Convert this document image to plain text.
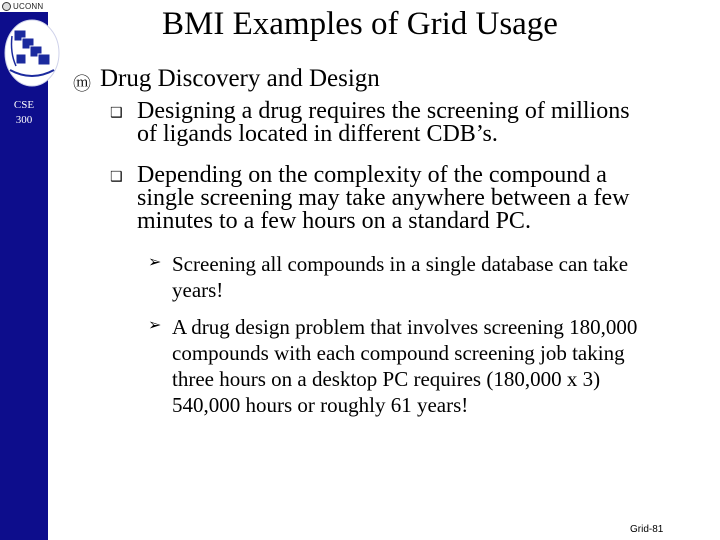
UCONN
CSE
300
BMI Examples of Grid Usage
ⓜ Drug Discovery and Design
❑ Designing a drug requires the screening of millions
of ligands located in different CDB’s.
❑ Depending on the complexity of the compound a
single screening may take anywhere between a few
minutes to a few hours on a standard PC.
➢ Screening all compounds in a single database can take
years!
➢ A drug design problem that involves screening 180,000
compounds with each compound screening job taking
three hours on a desktop PC requires (180,000 x 3)
540,000 hours or roughly 61 years!
Grid-81
